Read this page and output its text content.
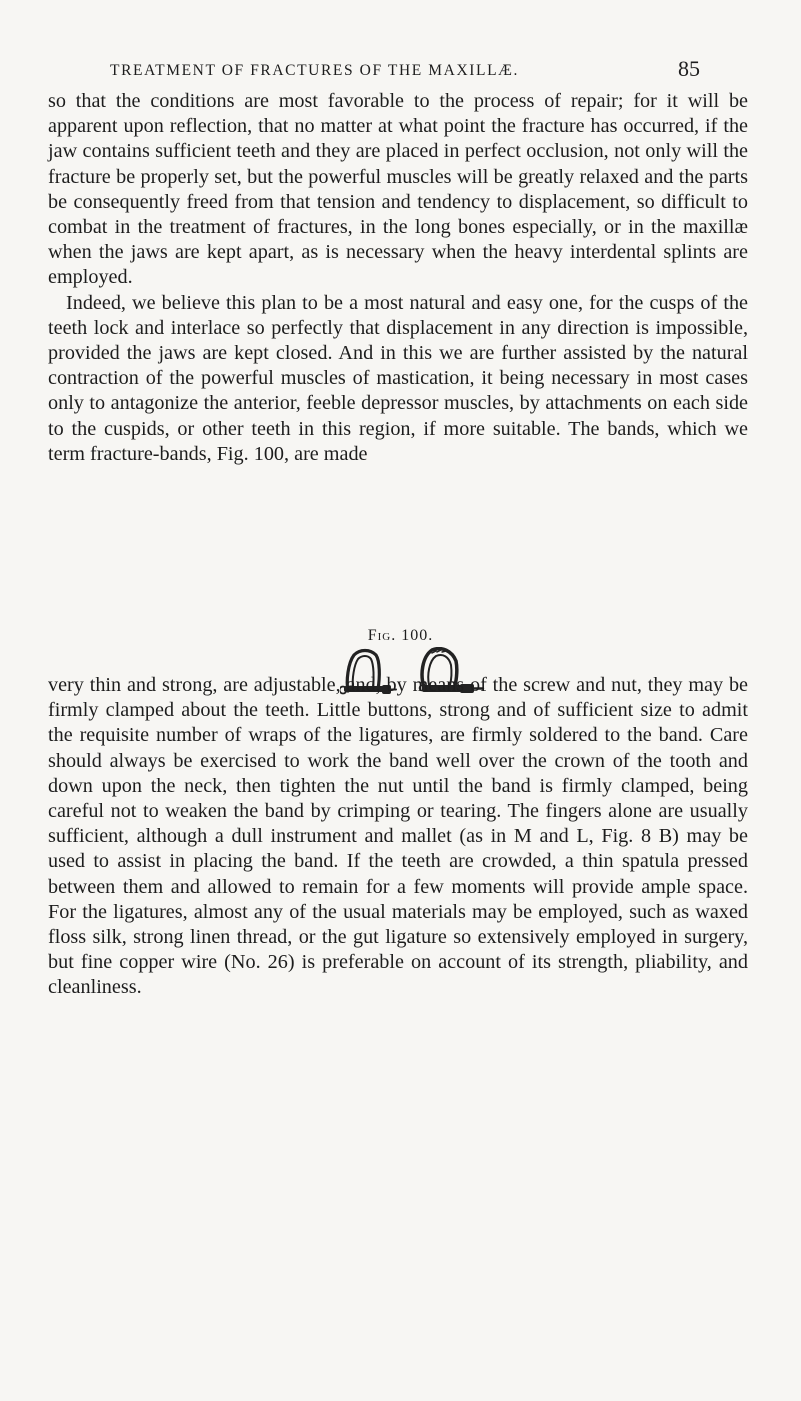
TREATMENT OF FRACTURES OF THE MAXILLÆ.	85

so that the conditions are most favorable to the process of repair; for it will be apparent upon reflection, that no matter at what point the fracture has occurred, if the jaw contains sufficient teeth and they are placed in perfect occlusion, not only will the fracture be properly set, but the powerful muscles will be greatly relaxed and the parts be consequently freed from that tension and tendency to displacement, so difficult to combat in the treatment of fractures, in the long bones especially, or in the maxillæ when the jaws are kept apart, as is necessary when the heavy interdental splints are employed.

Indeed, we believe this plan to be a most natural and easy one, for the cusps of the teeth lock and interlace so perfectly that displacement in any direction is impossible, provided the jaws are kept closed. And in this we are further assisted by the natural contraction of the powerful muscles of mastication, it being necessary in most cases only to antagonize the anterior, feeble depressor muscles, by attachments on each side to the cuspids, or other teeth in this region, if more suitable. The bands, which we term fracture-bands, Fig. 100, are made

Fig. 100.

very thin and strong, are adjustable, and, by means of the screw and nut, they may be firmly clamped about the teeth. Little buttons, strong and of sufficient size to admit the requisite number of wraps of the ligatures, are firmly soldered to the band. Care should always be exercised to work the band well over the crown of the tooth and down upon the neck, then tighten the nut until the band is firmly clamped, being careful not to weaken the band by crimping or tearing. The fingers alone are usually sufficient, although a dull instrument and mallet (as in M and L, Fig. 8 B) may be used to assist in placing the band. If the teeth are crowded, a thin spatula pressed between them and allowed to remain for a few moments will provide ample space. For the ligatures, almost any of the usual materials may be employed, such as waxed floss silk, strong linen thread, or the gut ligature so extensively employed in surgery, but fine copper wire (No. 26) is preferable on account of its strength, pliability, and cleanliness.
